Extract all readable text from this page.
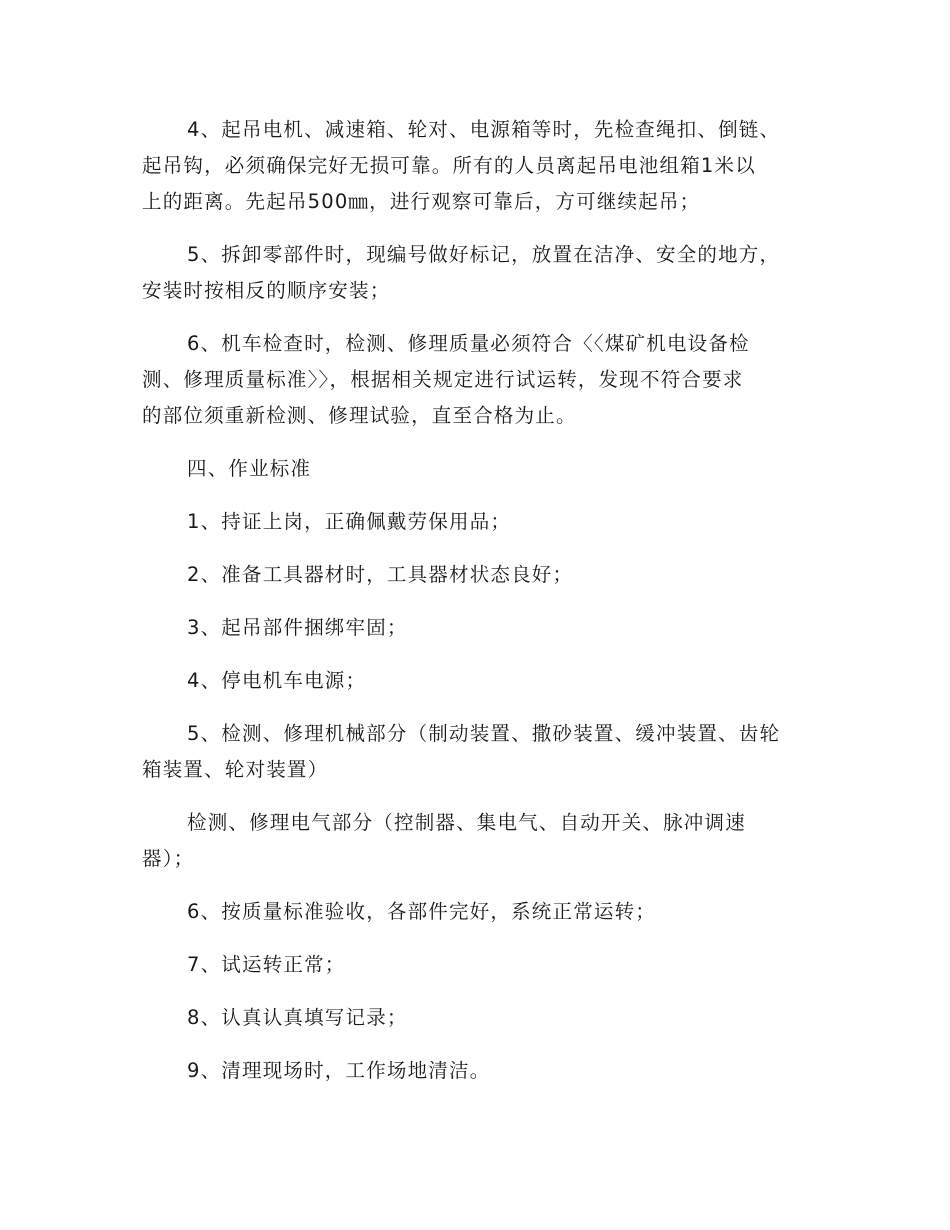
4、起吊电机、减速箱、轮对、电源箱等时，先检查绳扣、倒链、
起吊钩，必须确保完好无损可靠。所有的人员离起吊电池组箱1米以
上的距离。先起吊500㎜，进行观察可靠后，方可继续起吊；

5、拆卸零部件时，现编号做好标记，放置在洁净、安全的地方，
安装时按相反的顺序安装；

6、机车检查时，检测、修理质量必须符合〈〈煤矿机电设备检
测、修理质量标准〉〉，根据相关规定进行试运转，发现不符合要求
的部位须重新检测、修理试验，直至合格为止。

四、作业标准

1、持证上岗，正确佩戴劳保用品；

2、准备工具器材时，工具器材状态良好；

3、起吊部件捆绑牢固；

4、停电机车电源；

5、检测、修理机械部分（制动装置、撒砂装置、缓冲装置、齿轮
箱装置、轮对装置）

检测、修理电气部分（控制器、集电气、自动开关、脉冲调速
器）；

6、按质量标准验收，各部件完好，系统正常运转；

7、试运转正常；

8、认真认真填写记录；

9、清理现场时，工作场地清洁。
